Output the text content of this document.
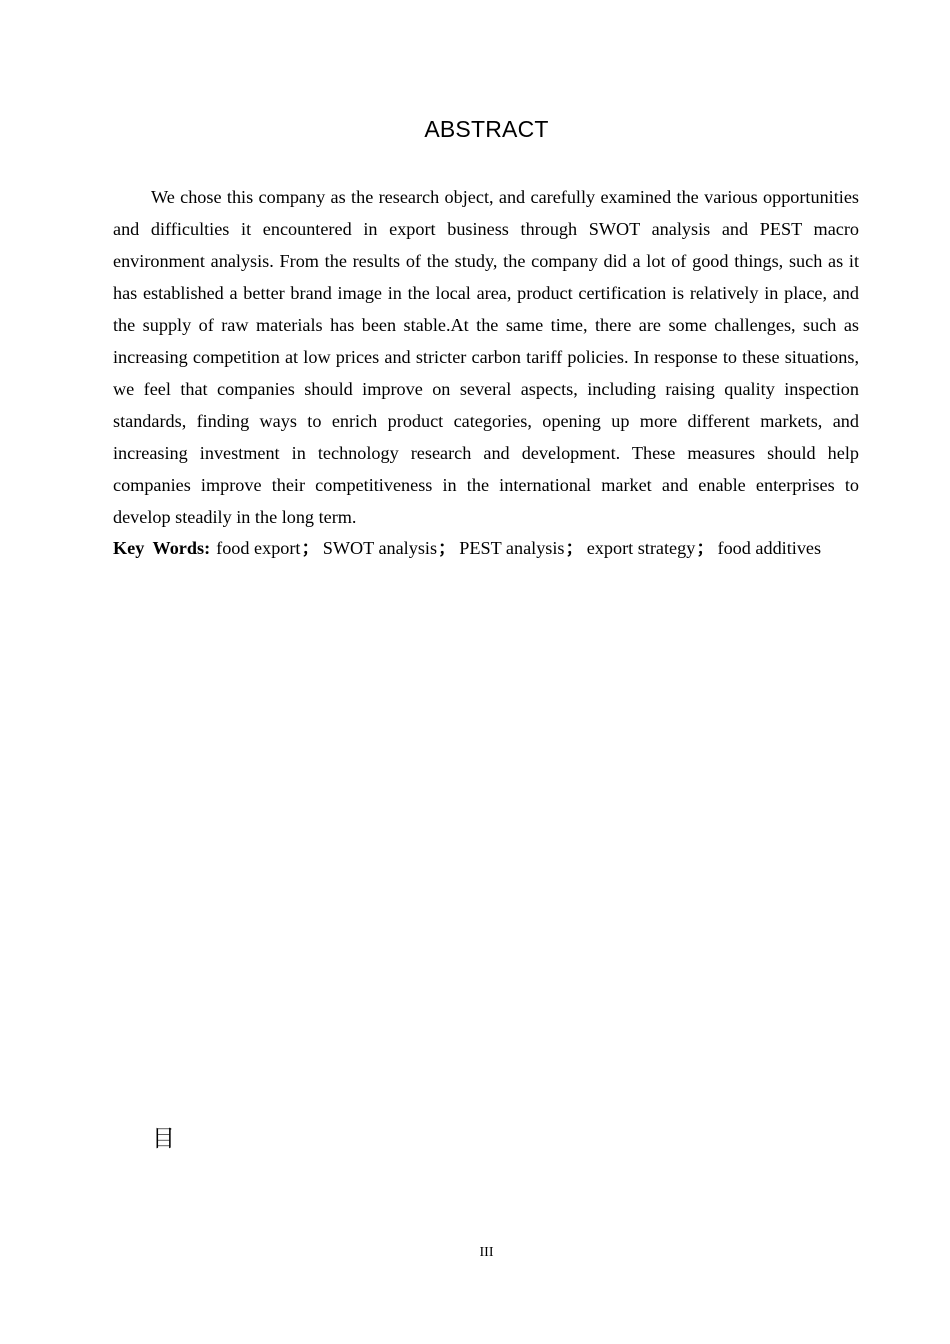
ABSTRACT

We chose this company as the research object, and carefully examined the various opportunities and difficulties it encountered in export business through SWOT analysis and PEST macro environment analysis. From the results of the study, the company did a lot of good things, such as it has established a better brand image in the local area, product certification is relatively in place, and the supply of raw materials has been stable.At the same time, there are some challenges, such as increasing competition at low prices and stricter carbon tariff policies. In response to these situations, we feel that companies should improve on several aspects, including raising quality inspection standards, finding ways to enrich product categories, opening up more different markets, and increasing investment in technology research and development. These measures should help companies improve their competitiveness in the international market and enable enterprises to develop steadily in the long term.

Key Words: food export； SWOT analysis； PEST analysis； export strategy； food additives

目
III
